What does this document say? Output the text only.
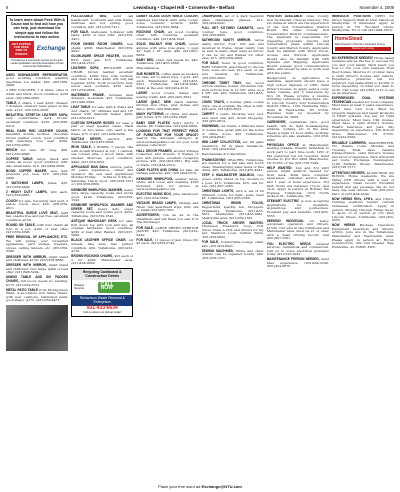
6	Lewisburg • Chapel Hill • Cornersville • Belfast	November 4, 2009
To learn more about Peek With A Cause and to find out how you can help, just download the simple app and follow the instructions to take action.
GET ZAPPAS FOR PEEK OUR TO DONATE
Exchange
Provided as a community service by the joint market publication and the Association of Free Community Publications

USED DISHWASHER REFRIGERATOR, good working condition, washing machines, ice maker, $60. (931)389-2699.

2 RED COUCHES, 1 is white, other is white and black. Good condition. $150 each. (931)389-2695.

TABLE, 6 chairs, 1 leaf, $225; dresser, 7 drawers, drawers need glued on the side. $125. (931)359-2638.

BEAUTIFUL STRETCH LEATHER SOFA; very comfortable, dark brown, excellent condition. $150. (931)698-6214.

REAL DARK RED LEATHER COUCH, beautiful double recliner, chocolate brown leather couch, good condition with matching love seat. $500. (931)359-2660.

BENCH for sale, 36" long. $60. (931)359-9698.

COFFEE TABLE, large, black and white, all wood, good condition, $30; also small table. $10. (931)698-6699.

BOON COFFEE MAKER, new, $20; pressure pot, new, $10. (931)359-2680.

2 MATCHING LAMPS, brass, $35. (931)359-2609.

2 HEAVY DUTY LAMPS, $20 each. (931)359-9886.

COUCH for sale, burgundy and gold, 3 pillow couch, nice, $20. (931)359-4811.

BEAUTIFUL SUEDE LOVE SEAT, light tan, snacks free and pet free, excellent condition, $150.

ROUND ON TABLE, with four chairs all four in a pot, $100 or best offer. (931)359-2098.

FREE REMOVAL OF APPLIANCES, ETC. We will pickup your unwanted appliances, yard swings, freezers, stoves, ceiling tanners, etc. (931)359-3390.

DRESSER WITH MIRROR, night stand and chiffonier, $150. (931)359-9688.

DRESSER WITH MIRROR, night stand and chiffonier, very large, $400 or best offer. (931)698-5294.

DINING TABLE AND SIX PADDED CHAIRS, full wood, needs no sanding, $175. (931)359-6701.

METAL PATIO TABLE from Montgomery Ward, 4 decorative iron frame chairs, with new cushions, refinished paint, good shape. $175. (931)359-4471.

FULL/DOUBLE BED, solid oak headboard, footboard and side frame, mattress and box spring, good condition, $45. (931)359-7411.

FOR SALE, mahogany 5-drawer with table, $250 or best offer. (931)359-3421.

FOUR DINING ROOM CHAIRS, new shells, $300; Manchester (931)359-9952.

GLOW-WARE SPACE HEATER, 20,000 BTU, used gas, $75. Tullahoma. (931)454-2512.

LEATHER SOFA, RECLINER AND CHAIR, brown leather excellent condition, $380; blue sofa recliner, and chair for sale, $200; will only sell together, $550. Tooth protectors, new, never used, portable, $250 each. (931)359-0826.

WATERBED FRAME, includes liner drawers, bookshelf, $25. Tullahoma. (931)962-0991.

LEAF TABLE for sale, with 4 chairs and 2nd chairs, 18" ultimate leaf and 18" leaves with lead/ulib heater, $200. (931)359-6212.

CUSTOM SPEAKER BOXES for sale, a pair of used speaker cases, black fabric on two sides, only used a few times, $75 or $25. (931)454-6264.

MATTAG DRYER, electric, $65. Tullahoma. (931)455-0698.

IRON TABLE, 3 ROSES, 7 pieces, like with dowall drawers at top, 1 cabinet, sea colored pine, 1 wood, table, with stacked Monroes, good condition, $400. (931)359-9031.

APPLIANCE MAN Sales, service, parts. 25 years experience, owner and operator. We sell used appliances! Monday-Friday, 9:30a.m.-5:30p.m., Saturday, 10a.m.-2p.m. (931)359-1551 or (931)359-8880.

KENMORE WHIRLPOOL WASHER, heavy duty, large capacity, looks and works good, $190. Tullahoma. (931)359-1542.

KENMORE WHIRLPOOL WASHER AND DRYER SET, heavy duty, super capacity, looks and works good. $250. Tullahoma. (931)359-1542.

ANTIQUE MAHOGANY DESK for sale. Pull down top with lock and key, all original hardware. Good condition, $300 or best offer. Belfast. (931)227-5696.

BLACK LEATHER OFFICE CHAIR, six wheels, like new; also perfect condition, $50. Tullahoma. (931)222-4176.

BROWN ROCKING CHAIRS, $25 each or 2 for $300. Manchester area. (931)454-9069.

Recycling Cardboard & Construction Debris
Weekly Service
CALL NOW
Richardson Waste Removal & Enterprises
931-433-6634
Call us about our pickup today!

DANBY GLASS DOOR WINCE COOLER, stainless and black, mini wine cooler, some cosmetic scratch, $280. Tullahoma. (931)563-8964.

ROCKING CHAIR, all wood rocking chair with cushions, excellent condition, $40. (931)454-6241.

SOLID WALNUT END CHAIR, under antique with wine rose glass, 1 open 20" high x 18" wide, $60. (931)607-8669.

BABY BED, older, bed needs fix, $40. Tullahoma. (931)455-2868.

Miscellaneous

SUE ROBERTS, coffee glass as backers for sale, art to water tops, 1 gold. $25 each. Manchester area. (931)455-6561. Tullahoma. (931)454-5646. Dinky at the end. (931)454-2510.

LARGE wood covers, lamps and sewing crafts, $40. (931)455-3681.

LARGE QUILT, NEW black leather, kitchen size chips, plus doilies and fancy, $650. (931)698-4961.

MANY PATTERNS of china, and glass, jelly forms, $75. (931)359-2698.

BABY SIDE PLATES hurry hurry, 3 sheets, $6. Tullahoma. (931)454-6994.

LOOKING FOR THAT PERFECT PIECE OF FURNITURE FOR YOUR SPACE? Search the Antiques category at www.exchange4ntu.com for your local antique collection!

HALL DECOR FRAMES, around Vintage Collection and flowers, 6 frames of new 4x6 picture, excellent reception picture, $20. (931)454-5601. Buy sale or trade. (931)454-2510.

CAKE PLATES AND CHINA for sale, all vintage patterns, $20. (931)454-2510.

KENMORE WHIRLPOOL washer, large, white, with cover, and cleaning, $190 included, $10; for photos at www.exchange4ntu.com

ELECTRIC MUSIC BOX, pine, hardwood, $65. (931)359-5680.

VINTAGE BRASS LAMPS, vintage and Hiser, tall, apartment style, $20; call or email (931)455-7631.

ADVERTISERS; run an ad in the classifieds and tell them you saw it in The Exchange!

FOR SALE, LARGE GREEN STRETCH JACKET, $25. Tullahoma. (931)222-8420.

FOR SALE, 11 pieces of jazz, blues CD, $5 each, (931)359-0740.

CHAMPAGNE, set of 4 dark beautiful glass champagne glasses, $12. (931)454-6241.

FULL SET KITCHEN CABINETS, with counter tops, good condition. (931)359-9962.

BATHROOM VANITY MIRROR, Large vanity mirror, 3'x4'. Old was and mounted in frame. Great vanity. Can be sent in many other ways as mirror it can be cut and framed for other uses, $15. (931)359-2809.

FOR SALE, Used, in good condition, BABY TEAPOTS, assortment to choose from, some are new, $12 each, or all, very unusual, $3. Tullahoma. (931)393-2602.

CHROME TIDBIT TRAY, two wood bottom shelves, holder chromium rail, from bottom tray is 12 5/8" wide on a 4 5/8" tall, $20. Tullahoma. (931)455-6994.

COMIC TRAYS, 2 holiday glass cookie trays, one is original, the other is Dirt, $20 each. (931)455-8631.

CARPET 2 years. Stocking very, very new, must sell, $25. Great Shopping. (931)455-6814.

SNOWMAN, old brand, 2 different sizes of cookie tins, great gifts for the home or office, wood, $50. Tullahoma. (931)454-8041.

MINI LAMP COLLECTION, set, 80 glass insulators, 60 in glass insulators, $200. (931)454-8264.

Merchandise & Collectibles

THANKSGIVING DEALERS, Tullahoma, are needed for a fall sale and booth ideas, Thanksgiving sales items of fine china, $65. Tullahoma. (931)455-4041.

STEP 2 MAILMASTER MAILBOX, red, green, white, faded on top, mounts to a post. $15; Tullahoma. $25, Ask for Lee. (931)607-3293.

CHRISTMAS LIGHTS, with a, set of 20 different colors for light, some need $8. Tullahoma. (931)455-2260.

CHRISTMAS BROW FOLDS, Peppermint, sparkly, fun, Shoppers, Ornaments, Tullahoma. (931)455-8631. Shelbyville. (931)455-9941. Shelbyville area. (931)359-1561.

LOCAL TRUCK DRIVER WANTED. Thompson Transport, Loop, CDL driver. Class A CDL and drivers for lay and Stanford Look Catfish Farm. (931)359-6602.

FOR SALE, Comfortable lounge chair, $40. (931)454-8041.

SEWING MACHINES, White and other brands, can be repaired locally, $60. (931)359-1551.

POSITION AVAILABLE: Giles County Soil Technician Clerical Director. The job duties at which are the supervision of the Soil Conservation District Board. The Giles County Soil Conservation District Commissioners. The applicant is responsible for preparing proposals, reports, and conservation plans within Lincoln County and Marion County. Applicants must be familiar with Word, Excel, Access, and Outlook. Applicants should also be familiar with GPS Systems and Mapping. Applicants should possess good communication skills, and should be able to work well with the public.

Background in agriculture is desirable. Applicants should have a high school diploma or GED. Valid Driver's license. To apply, send a cover letter, resume, and 3 references by Nov 20. Please provide a resume including references, transcripts, etc. to Lincoln County Soil Conservation District Office, 1109 Huntsville Hwy., Suite B, Fayetteville, TN 37334. Resumes must be received by November 20, 2009.

CAREGIVER, residential care, good health, will do light housekeeping, errands, cooking, etc. in the area. Needs a night 12 hour shifts, workday schedule are also available. (931)359-0680.

PHYSICIAN OFFICE in Manchester, seeking reliable, friendly individual to work part to part time work. LPN or MA preferred but not required. Send resume to: P.O. Box 2009, Manchester, TN 37355, or fax (931)728-7249.

HELP WANTED: 2nd and 3rd shift person (night auditor) needed for front desk. Must have computer experience, customer service skills, and 1 year of hotel experience. 3rd shift hours are between 11p.m. and 7a.m. Apply in person at Holiday Inn Express, Tullahoma, 1610 North Jackson St., Tullahoma, TN.

STEWART ELECTRIC is now accepting applications for installers, apprentices, and journeymen. Excellent pay and benefits. (931)455-5555.

SEEKING INDIVIDUAL for heavy equipment operators and drivers. $13/hr. Our jobs in the Tullahoma and Manchester area, must be 21 or older with a clean driving record. Call (931)607-3301.

YOU ELECTRIC NEEDS General services, residential and commercial. Call us to solve electrical problems today. (931)222-9241.

MAINTENANCE PERSON NEEDED, must have experience. (931)454-2240. (931)454-9870.

IMMEDIATE POSITIONS OPEN for Direct Support Staff at New Visions in Shelbyville. If interested, apply in person at 701 Woodard Circle, Shelbyville, TN or call (931)684-3310.

HomeStead
Manchester's Premier Assisted Living
Retirement Living

NO EXPERIENCE NEEDED! Home based business will be the key to success for you and your family. We'll teach you how to run your own business from their homes. Must be 21 or older, have a valid driver's license and vehicle. Experience preferred but not required. Can make $500 to $3,000 or more depending on what you want to work. Call today (931)962-1212 to set up an interview.

EXPERIENCED DUAL SYSTEMS TECHNICIAN needed for local company. Must have at least 5 years experience. Must have own tools. Must be properly diagnose and repair all facets of HVAC systems. Top pay for right experience. Must have CPA license. Must have a valid driver's license. Health insurance and paid, Pay depending on experience. 200 Bobcat Drive, Manchester, TN 37355. (931)222-6500.

RELIABLE CARRIERS, MANCHESTER, TN. Weekly route, Monday and Tuesday. Must have reliable transportation, valid Driver's license and proof of insurance. Earn $50-$100 per route. Exchange Newspapers, 1100 Sullivan Street, Manchester. (931)728-7577.

ATTENTION DRIVERS, $2,000 SIGN ON BONUS. Home weekends. We are hiring OTR drivers with a year of experience. Clean record. Excellent benefit and pay package. We do not have slip seat drivers. Call (931)222-8411 or (931)454-4500.

NOW HIRING RN's, LPN's, and CNA's. Nursing positions require current Tennessee certification. Apply in person. Monday through Friday 9a.m. to 4p.m. or in person at 131 West Lincoln Street, Tullahoma. (931)455-0555.

NOW HIRING Buckeye Operators Equipment Operators and drivers, w/CDL. Jobs are in the Tullahoma, Manchester and Fayetteville area. Please apply in person at: Brown Construction, 202 Old Chester Way, Huntsville, AL 35806. EOE.

Place your free word ad Exchange@NTU.com
